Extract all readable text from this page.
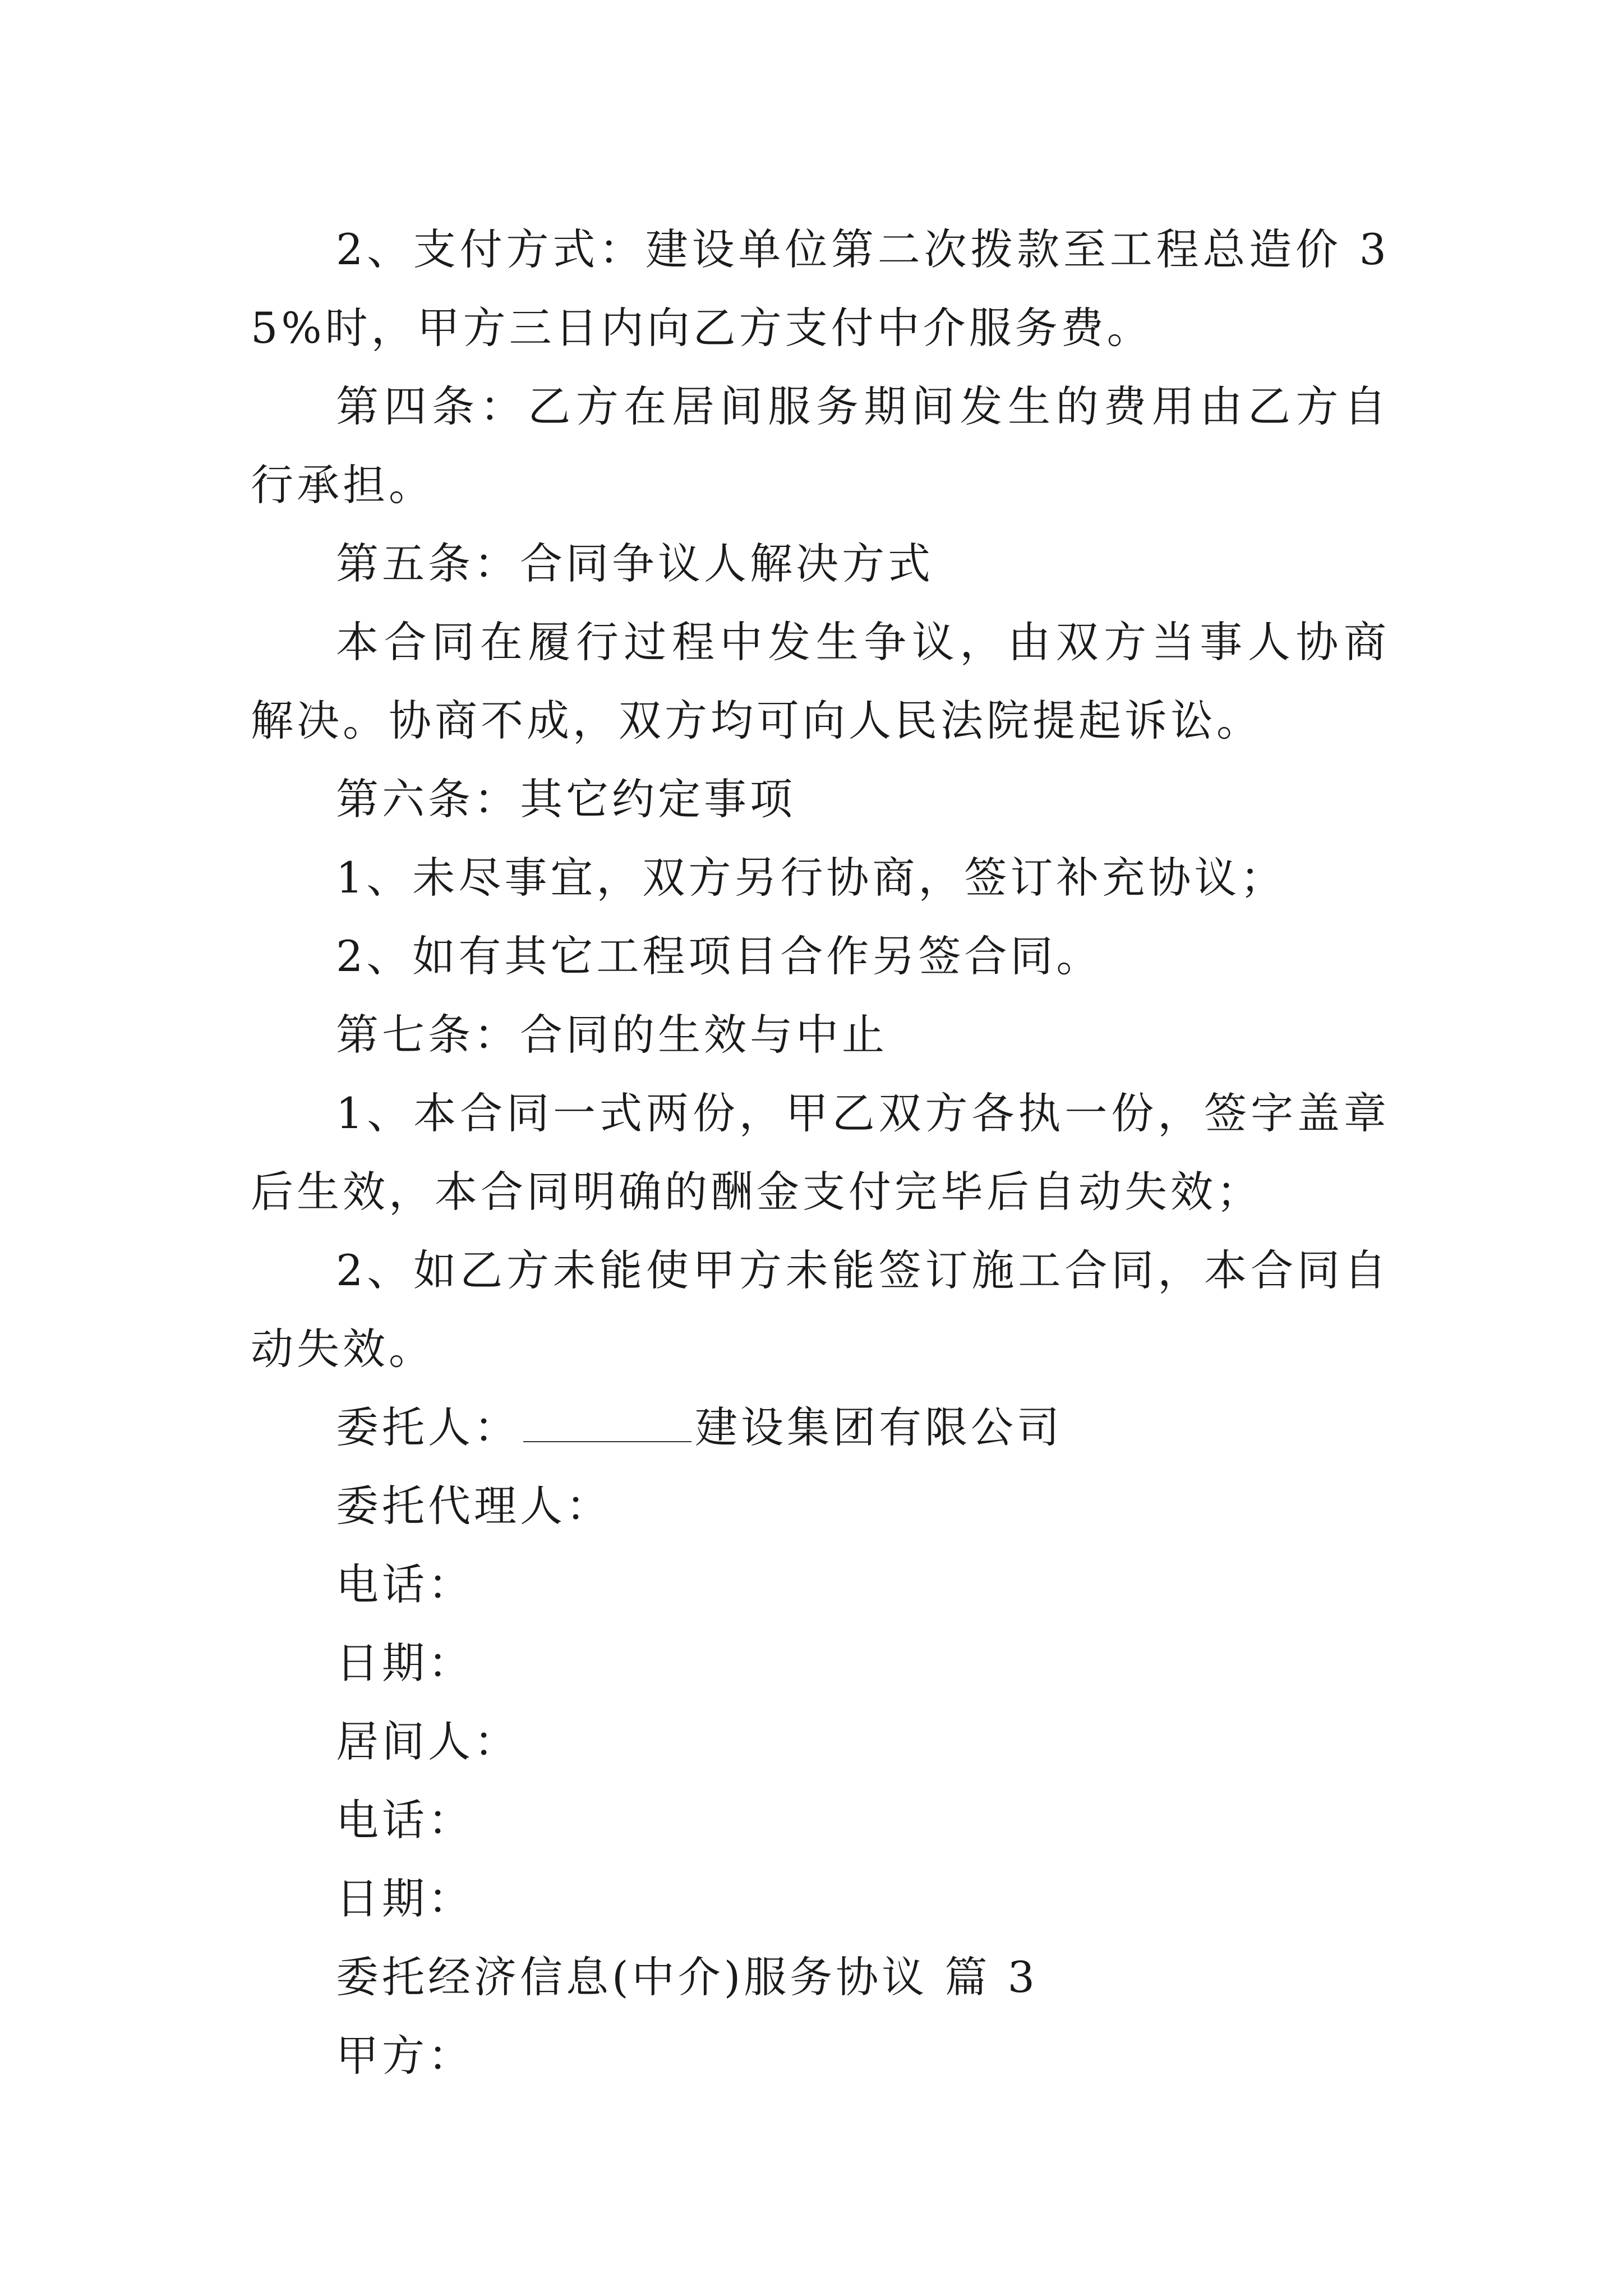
2、支付方式：建设单位第二次拨款至工程总造价 35%时，甲方三日内向乙方支付中介服务费。

第四条：乙方在居间服务期间发生的费用由乙方自行承担。

第五条：合同争议人解决方式

本合同在履行过程中发生争议，由双方当事人协商解决。协商不成，双方均可向人民法院提起诉讼。

第六条：其它约定事项

1、未尽事宜，双方另行协商，签订补充协议；

2、如有其它工程项目合作另签合同。

第七条：合同的生效与中止

1、本合同一式两份，甲乙双方各执一份，签字盖章后生效，本合同明确的酬金支付完毕后自动失效；

2、如乙方未能使甲方未能签订施工合同，本合同自动失效。

委托人：	建设集团有限公司

委托代理人：

电话：

日期：

居间人：

电话：

日期：

委托经济信息(中介)服务协议 篇 3

甲方：
